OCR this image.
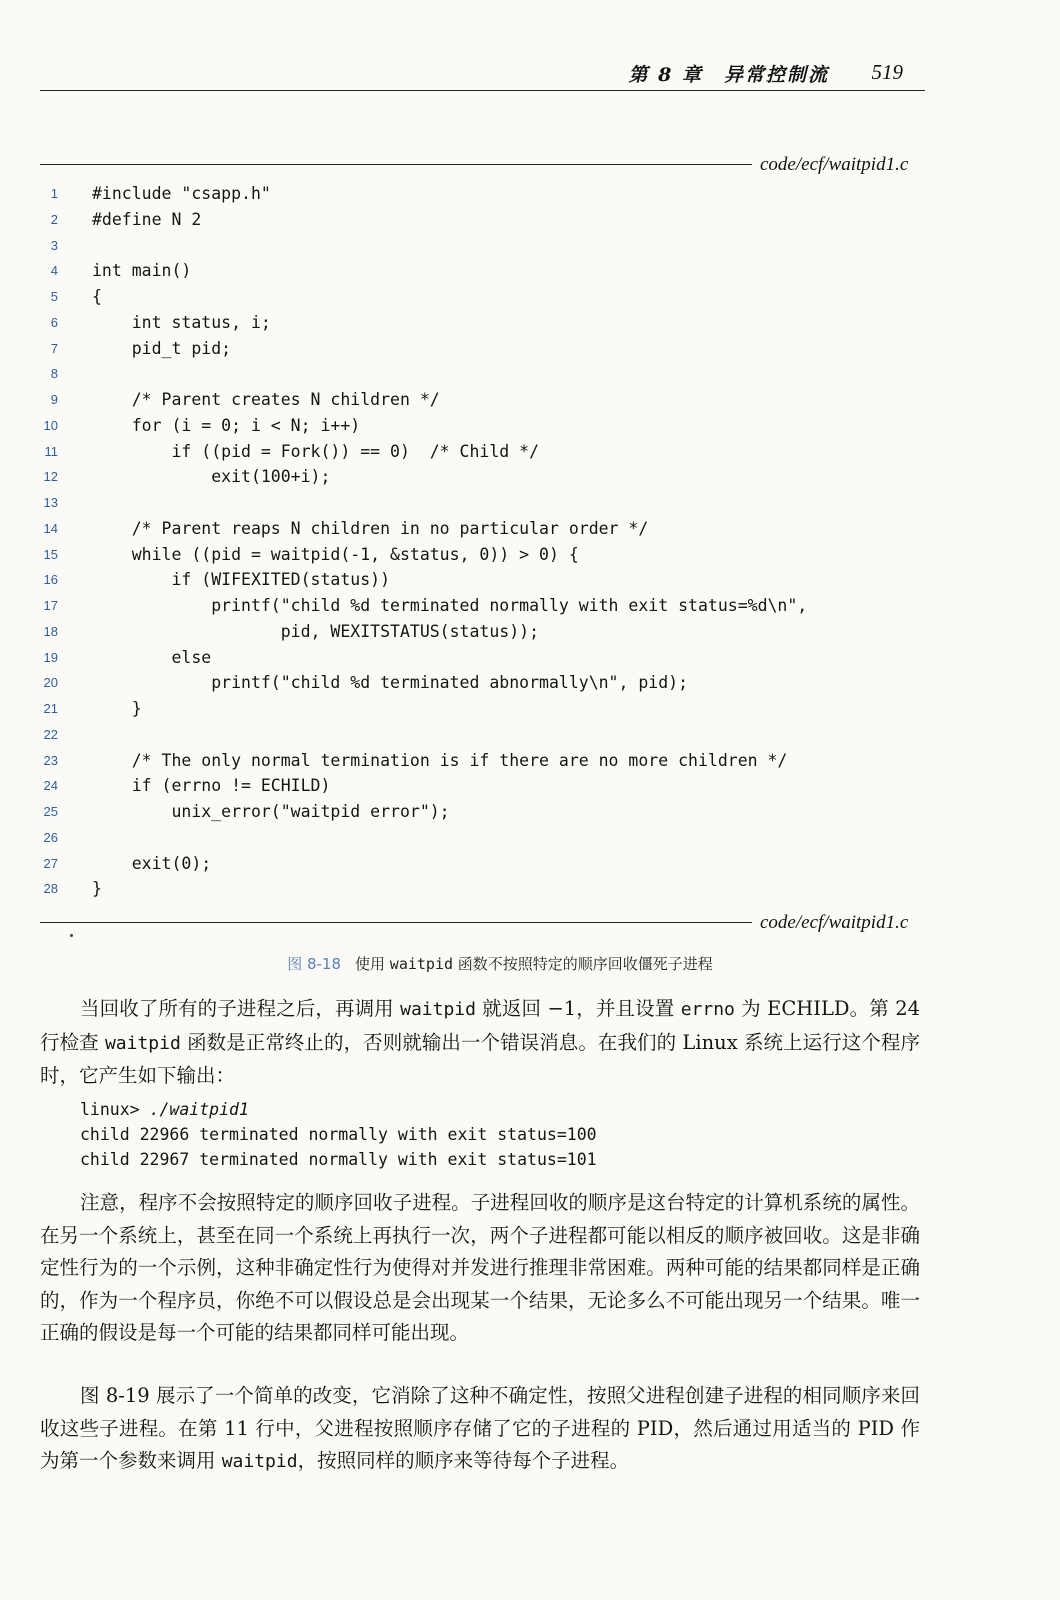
第 8 章　异常控制流 519
code/ecf/waitpid1.c
1 #include "csapp.h"
2 #define N 2
3
4 int main()
5 {
6 int status, i;
7 pid_t pid;
8
9 /* Parent creates N children */
10 for (i = 0; i < N; i++)
11 if ((pid = Fork()) == 0)  /* Child */
12 exit(100+i);
13
14 /* Parent reaps N children in no particular order */
15 while ((pid = waitpid(-1, &status, 0)) > 0) {
16 if (WIFEXITED(status))
17 printf("child %d terminated normally with exit status=%d\n",
18 pid, WEXITSTATUS(status));
19 else
20 printf("child %d terminated abnormally\n", pid);
21 }
22
23 /* The only normal termination is if there are no more children */
24 if (errno != ECHILD)
25 unix_error("waitpid error");
26
27 exit(0);
28 }
code/ecf/waitpid1.c
图 8-18 使用 waitpid 函数不按照特定的顺序回收僵死子进程

当回收了所有的子进程之后，再调用 waitpid 就返回 −1，并且设置 errno 为 ECHILD。第 24 行检查 waitpid 函数是正常终止的，否则就输出一个错误消息。在我们的 Linux 系统上运行这个程序时，它产生如下输出：

linux> ./waitpid1
child 22966 terminated normally with exit status=100
child 22967 terminated normally with exit status=101

注意，程序不会按照特定的顺序回收子进程。子进程回收的顺序是这台特定的计算机系统的属性。在另一个系统上，甚至在同一个系统上再执行一次，两个子进程都可能以相反的顺序被回收。这是非确定性行为的一个示例，这种非确定性行为使得对并发进行推理非常困难。两种可能的结果都同样是正确的，作为一个程序员，你绝不可以假设总是会出现某一个结果，无论多么不可能出现另一个结果。唯一正确的假设是每一个可能的结果都同样可能出现。

图 8-19 展示了一个简单的改变，它消除了这种不确定性，按照父进程创建子进程的相同顺序来回收这些子进程。在第 11 行中，父进程按照顺序存储了它的子进程的 PID，然后通过用适当的 PID 作为第一个参数来调用 waitpid，按照同样的顺序来等待每个子进程。
